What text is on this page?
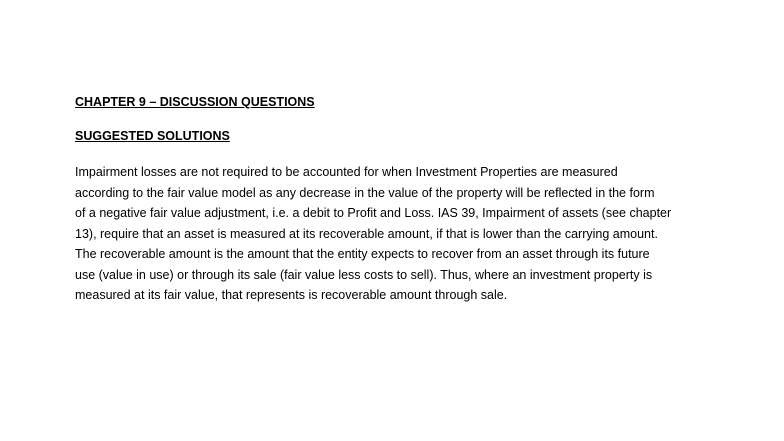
CHAPTER 9 – DISCUSSION QUESTIONS
SUGGESTED SOLUTIONS
Impairment losses are not required to be accounted for when Investment Properties are measured
according to the fair value model as any decrease in the value of the property will be reflected in the form
of a negative fair value adjustment, i.e. a debit to Profit and Loss. IAS 39, Impairment of assets (see chapter
13), require that an asset is measured at its recoverable amount, if that is lower than the carrying amount.
The recoverable amount is the amount that the entity expects to recover from an asset through its future
use (value in use) or through its sale (fair value less costs to sell). Thus, where an investment property is
measured at its fair value, that represents is recoverable amount through sale.
